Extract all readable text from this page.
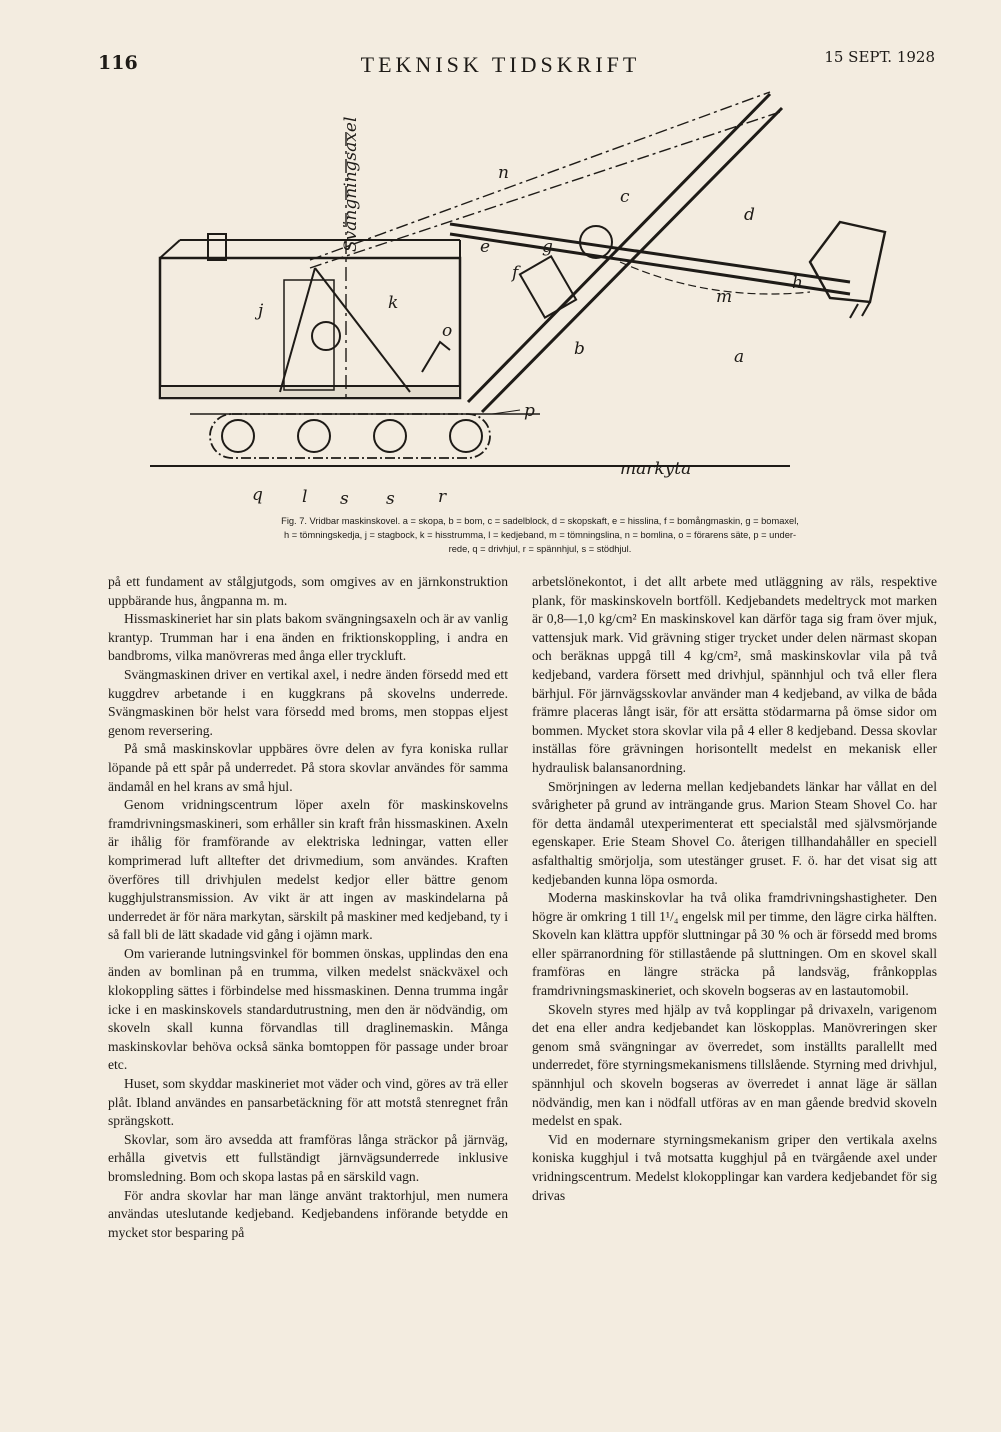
116	TEKNISK TIDSKRIFT	15 SEPT. 1928
a
b
c
d
e
f
g
h
j	k
l
m
n
o
p
q	r
s s
markyta
Svängningsaxel
Fig. 7. Vridbar maskinskovel. a = skopa, b = bom, c = sadelblock, d = skopskaft, e = hisslina, f = bomångmaskin, g = bomaxel,
h = tömningskedja, j = stagbock, k = hisstrumma, l = kedjeband, m = tömningslina, n = bomlina, o = förarens säte, p = under-
rede, q = drivhjul, r = spännhjul, s = stödhjul.

på ett fundament av stålgjutgods, som omgives av en järnkonstruktion uppbärande hus, ångpanna m. m.

Hissmaskineriet har sin plats bakom svängningsaxeln och är av vanlig krantyp. Trumman har i ena änden en friktionskoppling, i andra en bandbroms, vilka manövreras med ånga eller tryckluft.

Svängmaskinen driver en vertikal axel, i nedre änden försedd med ett kuggdrev arbetande i en kuggkrans på skovelns underrede. Svängmaskinen bör helst vara försedd med broms, men stoppas eljest genom reversering.

På små maskinskovlar uppbäres övre delen av fyra koniska rullar löpande på ett spår på underredet. På stora skovlar användes för samma ändamål en hel krans av små hjul.

Genom vridningscentrum löper axeln för maskinskovelns framdrivningsmaskineri, som erhåller sin kraft från hissmaskinen. Axeln är ihålig för framförande av elektriska ledningar, vatten eller komprimerad luft alltefter det drivmedium, som användes. Kraften överföres till drivhjulen medelst kedjor eller bättre genom kugghjulstransmission. Av vikt är att ingen av maskindelarna på underredet är för nära markytan, särskilt på maskiner med kedjeband, ty i så fall bli de lätt skadade vid gång i ojämn mark.

Om varierande lutningsvinkel för bommen önskas, upplindas den ena änden av bomlinan på en trumma, vilken medelst snäckväxel och klokoppling sättes i förbindelse med hissmaskinen. Denna trumma ingår icke i en maskinskovels standardutrustning, men den är nödvändig, om skoveln skall kunna förvandlas till draglinemaskin. Många maskinskovlar behöva också sänka bomtoppen för passage under broar etc.

Huset, som skyddar maskineriet mot väder och vind, göres av trä eller plåt. Ibland användes en pansarbetäckning för att motstå stenregnet från sprängskott.

Skovlar, som äro avsedda att framföras långa sträckor på järnväg, erhålla givetvis ett fullständigt järnvägsunderrede inklusive bromsledning. Bom och skopa lastas på en särskild vagn.

För andra skovlar har man länge använt traktorhjul, men numera användas uteslutande kedjeband. Kedjebandens införande betydde en mycket stor besparing på

arbetslönekontot, i det allt arbete med utläggning av räls, respektive plank, för maskinskoveln bortföll. Kedjebandets medeltryck mot marken är 0,8—1,0 kg/cm² En maskinskovel kan därför taga sig fram över mjuk, vattensjuk mark. Vid grävning stiger trycket under delen närmast skopan och beräknas uppgå till 4 kg/cm², små maskinskovlar vila på två kedjeband, vardera försett med drivhjul, spännhjul och två eller flera bärhjul. För järnvägsskovlar använder man 4 kedjeband, av vilka de båda främre placeras långt isär, för att ersätta stödarmarna på ömse sidor om bommen. Mycket stora skovlar vila på 4 eller 8 kedjeband. Dessa skovlar inställas före grävningen horisontellt medelst en mekanisk eller hydraulisk balansanordning.

Smörjningen av lederna mellan kedjebandets länkar har vållat en del svårigheter på grund av inträngande grus. Marion Steam Shovel Co. har för detta ändamål utexperimenterat ett specialstål med självsmörjande egenskaper. Erie Steam Shovel Co. återigen tillhandahåller en speciell asfalthaltig smörjolja, som utestänger gruset. F. ö. har det visat sig att kedjebanden kunna löpa osmorda.

Moderna maskinskovlar ha två olika framdrivningshastigheter. Den högre är omkring 1 till 1¹/₄ engelsk mil per timme, den lägre cirka hälften. Skoveln kan klättra uppför sluttningar på 30 % och är försedd med broms eller spärranordning för stillastående på sluttningen. Om en skovel skall framföras en längre sträcka på landsväg, frånkopplas framdrivningsmaskineriet, och skoveln bogseras av en lastautomobil.

Skoveln styres med hjälp av två kopplingar på drivaxeln, varigenom det ena eller andra kedjebandet kan löskopplas. Manövreringen sker genom små svängningar av överredet, som inställts parallellt med underredet, före styrningsmekanismens tillslående. Styrning med drivhjul, spännhjul och skoveln bogseras av överredet i annat läge är sällan nödvändig, men kan i nödfall utföras av en man gående bredvid skoveln medelst en spak.

Vid en modernare styrningsmekanism griper den vertikala axelns koniska kugghjul i två motsatta kugghjul på en tvärgående axel under vridningscentrum. Medelst klokopplingar kan vardera kedjebandet för sig drivas
